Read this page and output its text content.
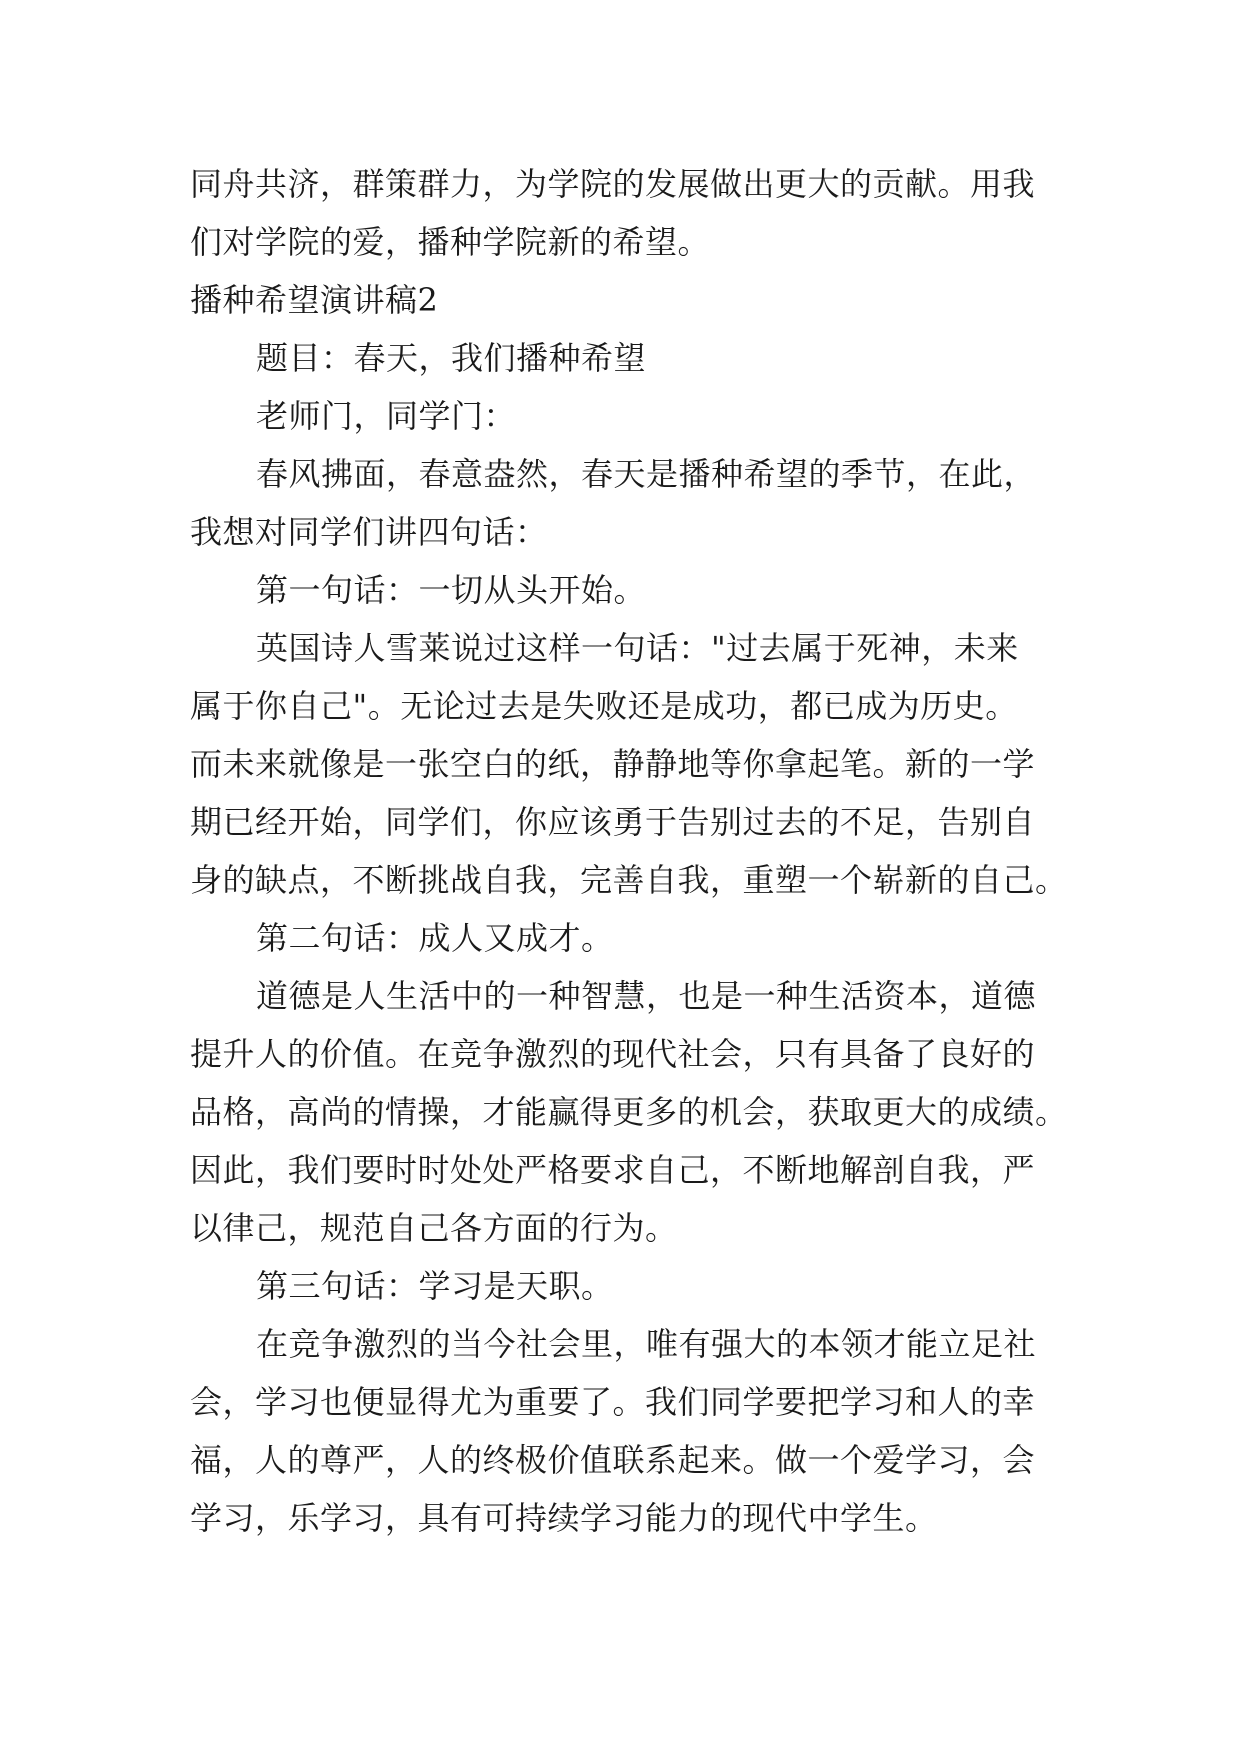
同舟共济，群策群力，为学院的发展做出更大的贡献。用我
们对学院的爱，播种学院新的希望。
播种希望演讲稿2
题目：春天，我们播种希望
老师门，同学门：
春风拂面，春意盎然，春天是播种希望的季节，在此，
我想对同学们讲四句话：
第一句话：一切从头开始。
英国诗人雪莱说过这样一句话："过去属于死神，未来
属于你自己"。无论过去是失败还是成功，都已成为历史。
而未来就像是一张空白的纸，静静地等你拿起笔。新的一学
期已经开始，同学们，你应该勇于告别过去的不足，告别自
身的缺点，不断挑战自我，完善自我，重塑一个崭新的自己。
第二句话：成人又成才。
道德是人生活中的一种智慧，也是一种生活资本，道德
提升人的价值。在竞争激烈的现代社会，只有具备了良好的
品格，高尚的情操，才能赢得更多的机会，获取更大的成绩。
因此，我们要时时处处严格要求自己，不断地解剖自我，严
以律己，规范自己各方面的行为。
第三句话：学习是天职。
在竞争激烈的当今社会里，唯有强大的本领才能立足社
会，学习也便显得尤为重要了。我们同学要把学习和人的幸
福，人的尊严，人的终极价值联系起来。做一个爱学习，会
学习，乐学习，具有可持续学习能力的现代中学生。
